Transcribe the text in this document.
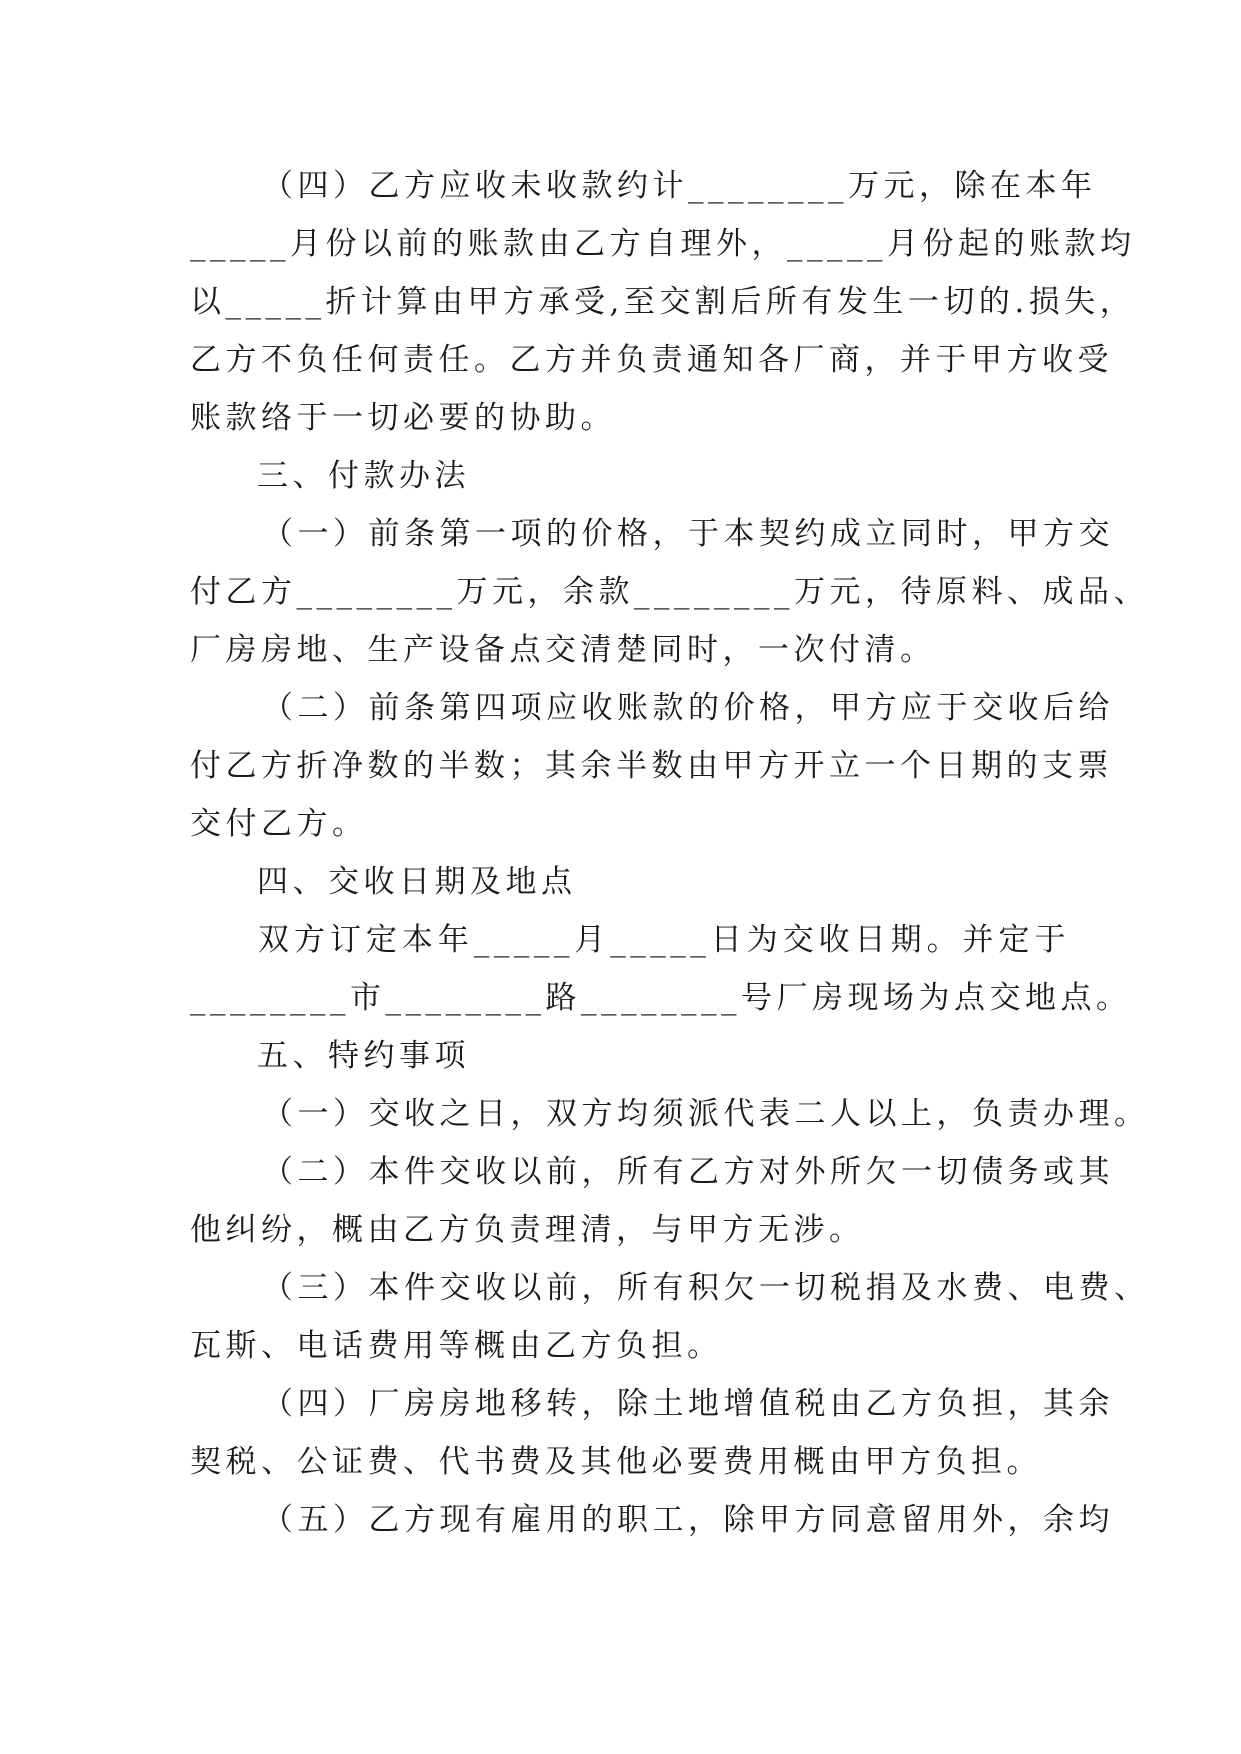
（四）乙方应收未收款约计________万元，除在本年
_____月份以前的账款由乙方自理外，_____月份起的账款均
以_____折计算由甲方承受,至交割后所有发生一切的.损失，
乙方不负任何责任。乙方并负责通知各厂商，并于甲方收受
账款络于一切必要的协助。
三、付款办法
（一）前条第一项的价格，于本契约成立同时，甲方交
付乙方________万元，余款________万元，待原料、成品、
厂房房地、生产设备点交清楚同时，一次付清。
（二）前条第四项应收账款的价格，甲方应于交收后给
付乙方折净数的半数；其余半数由甲方开立一个日期的支票
交付乙方。
四、交收日期及地点
双方订定本年_____月_____日为交收日期。并定于
________市________路________号厂房现场为点交地点。
五、特约事项
（一）交收之日，双方均须派代表二人以上，负责办理。
（二）本件交收以前，所有乙方对外所欠一切债务或其
他纠纷，概由乙方负责理清，与甲方无涉。
（三）本件交收以前，所有积欠一切税捐及水费、电费、
瓦斯、电话费用等概由乙方负担。
（四）厂房房地移转，除土地增值税由乙方负担，其余
契税、公证费、代书费及其他必要费用概由甲方负担。
（五）乙方现有雇用的职工，除甲方同意留用外，余均
